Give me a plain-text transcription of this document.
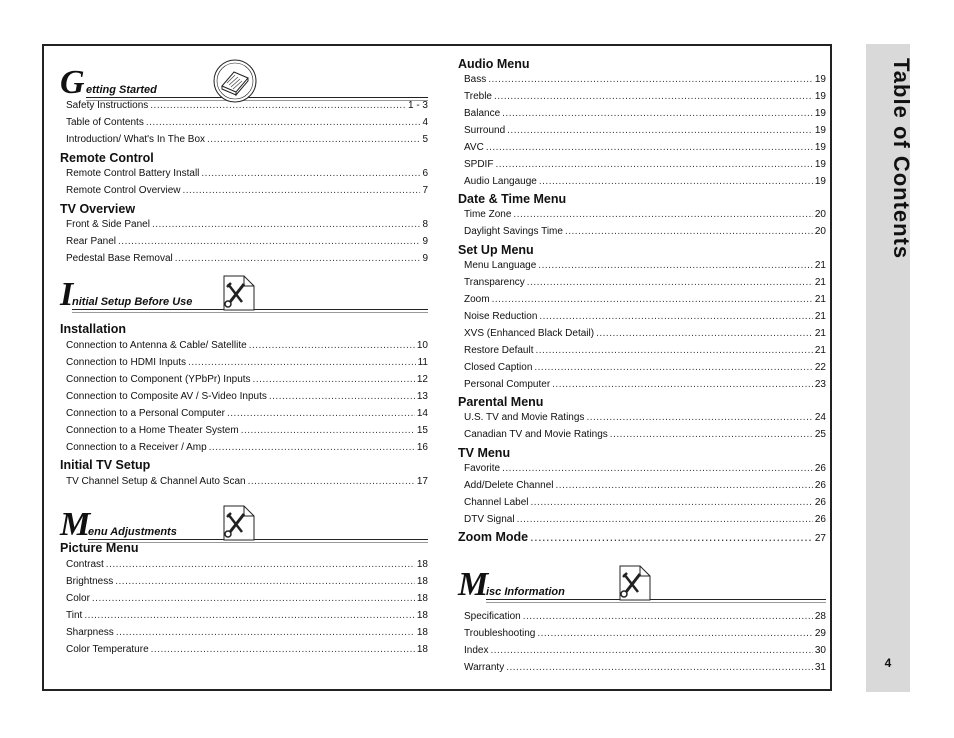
G etting Started
Safety Instructions .....	1 - 3
Table of Contents .....	4
Introduction/ What's In The Box .....	5
Remote Control
Remote Control Battery Install .....	6
Remote Control Overview .....	7
TV Overview
Front & Side Panel .....	8
Rear Panel .....	9
Pedestal Base Removal .....	9
I
nitial Setup Before Use
Installation
Connection to Antenna & Cable/ Satellite .....	10
Connection to HDMI Inputs .....	11
Connection to Component (YPbPr) Inputs .....	12
Connection to Composite AV / S-Video Inputs .....	13
Connection to a Personal Computer .....	14
Connection to a Home Theater System .....	15
Connection to a Receiver / Amp .....	16
Initial TV Setup
TV Channel Setup & Channel Auto Scan .....	17
M
enu Adjustments
Picture Menu
Contrast .....	18
Brightness .....	18
Color .....	18
Tint .....	18
Sharpness .....	18
Color Temperature .....	18
Audio Menu
Bass .....	19
Treble .....	19
Balance .....	19
Surround .....	19
AVC .....	19
SPDIF .....	19
Audio Langauge .....	19
Date & Time Menu
Time Zone .....	20
Daylight Savings Time .....	20
Set Up Menu
Menu Language .....	21
Transparency .....	21
Zoom .....	21
Noise Reduction .....	21
XVS (Enhanced Black Detail) .....	21
Restore Default .....	21
Closed Caption .....	22
Personal Computer .....	23
Parental Menu
U.S. TV and Movie Ratings .....	24
Canadian TV and Movie Ratings .....	25
TV Menu
Favorite .....	26
Add/Delete Channel .....	26
Channel Label .....	26
DTV Signal .....	26
Zoom Mode .....	27
M
isc Information
Specification .....	28
Troubleshooting .....	29
Index .....	30
Warranty .....	31
Table of Contents
4
